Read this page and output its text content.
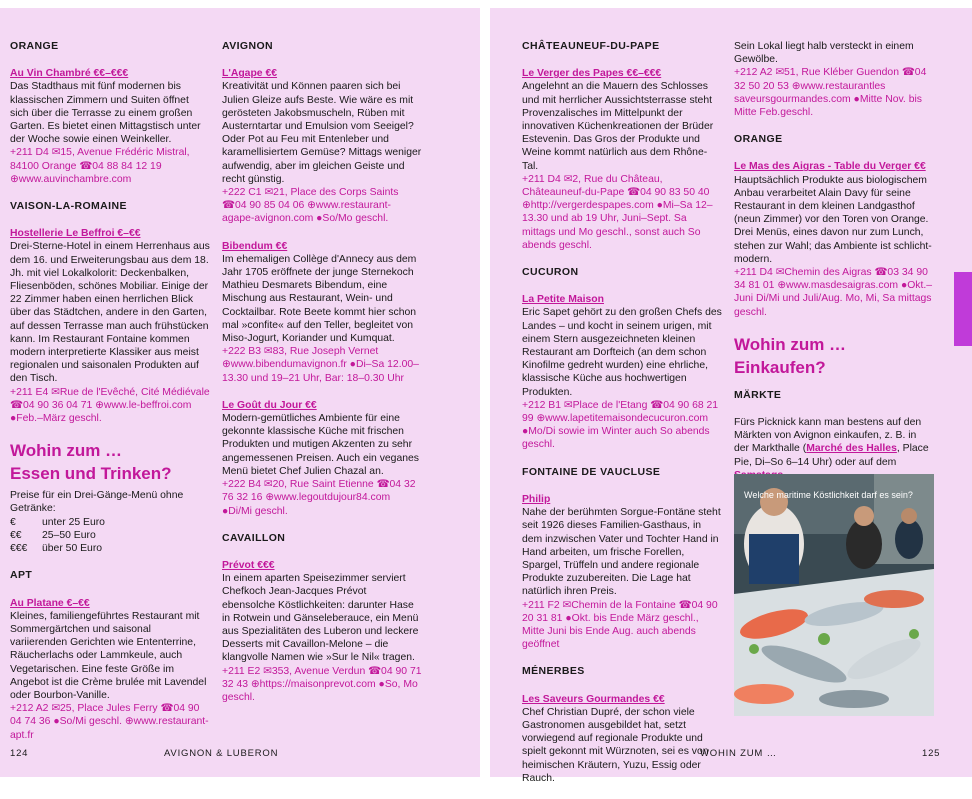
ORANGE
Au Vin Chambré €€–€€€

Das Stadthaus mit fünf modernen bis klassischen Zimmern und Suiten öffnet sich über die Terrasse zu einem großen Garten. Es bietet einen Mittagstisch unter der Woche sowie einen Weinkeller.

+211 D4 ✉15, Avenue Frédéric Mistral, 84100 Orange ☎04 88 84 12 19 ⊕www.auvinchambre.com

VAISON-LA-ROMAINE
Hostellerie Le Beffroi €–€€

Drei-Sterne-Hotel in einem Herrenhaus aus dem 16. und Erweiterungsbau aus dem 18. Jh. mit viel Lokalkolorit: Deckenbalken, Fliesenböden, schönes Mobiliar. Einige der 22 Zimmer haben einen herrlichen Blick über das Städtchen, andere in den Garten, auf dessen Terrasse man auch frühstücken kann. Im Restaurant Fontaine kommen modern interpretierte Klassiker aus meist regionalen und saisonalen Produkten auf den Tisch.

+211 E4 ✉Rue de l'Evêché, Cité Médiévale ☎04 90 36 04 71 ⊕www.le-beffroi.com ●Feb.–März geschl.

Wohin zum …
Essen und Trinken?

Preise für ein Drei-Gänge-Menü ohne Getränke:

€	unter 25 Euro
€€	25–50 Euro
€€€	über 50 Euro
APT
Au Platane €–€€

Kleines, familiengeführtes Restaurant mit Sommergärtchen und saisonal variierenden Gerichten wie Ententerrine, Räucherlachs oder Lammkeule, auch Vegetarischen. Eine feste Größe im Angebot ist die Crème brulée mit Lavendel oder Bourbon-Vanille.

+212 A2 ✉25, Place Jules Ferry ☎04 90 04 74 36 ●So/Mi geschl. ⊕www.restaurant-apt.fr

AVIGNON
L'Agape €€

Kreativität und Können paaren sich bei Julien Gleize aufs Beste. Wie wäre es mit gerösteten Jakobsmuscheln, Rüben mit Austerntartar und Emulsion vom Seeigel? Oder Pot au Feu mit Entenleber und karamellisiertem Gemüse? Mittags weniger aufwendig, aber im gleichen Geiste und recht günstig.

+222 C1 ✉21, Place des Corps Saints ☎04 90 85 04 06 ⊕www.restaurant-agape-avignon.com ●So/Mo geschl.

Bibendum €€

Im ehemaligen Collège d'Annecy aus dem Jahr 1705 eröffnete der junge Sternekoch Mathieu Desmarets Bibendum, eine Mischung aus Restaurant, Wein- und Cocktailbar. Rote Beete kommt hier schon mal »confite« auf den Teller, begleitet von Miso-Jogurt, Koriander und Kumquat.

+222 B3 ✉83, Rue Joseph Vernet ⊕www.bibendumavignon.fr ●Di–Sa 12.00–13.30 und 19–21 Uhr, Bar: 18–0.30 Uhr

Le Goût du Jour €€

Modern-gemütliches Ambiente für eine gekonnte klassische Küche mit frischen Produkten und mutigen Akzenten zu sehr angemessenen Preisen. Auch ein veganes Menü bietet Chef Julien Chazal an.

+222 B4 ✉20, Rue Saint Etienne ☎04 32 76 32 16 ⊕www.legoutdujour84.com ●Di/Mi geschl.

CAVAILLON
Prévot €€€

In einem aparten Speisezimmer serviert Chefkoch Jean-Jacques Prévot ebensolche Köstlichkeiten: darunter Hase in Rotwein und Gänseleberauce, ein Menü aus Spezialitäten des Luberon und leckere Desserts mit Cavaillon-Melone – die klangvolle Namen wie »Sur le Nil« tragen.

+211 E2 ✉353, Avenue Verdun ☎04 90 71 32 43 ⊕https://maisonprevot.com ●So, Mo geschl.

124	AVIGNON & LUBERON
CHÂTEAUNEUF-DU-PAPE
Le Verger des Papes €€–€€€

Angelehnt an die Mauern des Schlosses und mit herrlicher Aussichtsterrasse steht Provenzalisches im Mittelpunkt der innovativen Küchenkreationen der Brüder Estevenin. Das Gros der Produkte und Weine kommt natürlich aus dem Rhône-Tal.

+211 D4 ✉2, Rue du Château, Châteauneuf-du-Pape ☎04 90 83 50 40 ⊕http://vergerdespapes.com ●Mi–Sa 12–13.30 und ab 19 Uhr, Juni–Sept. Sa mittags und Mo geschl., sonst auch So abends geschl.

CUCURON
La Petite Maison

Eric Sapet gehört zu den großen Chefs des Landes – und kocht in seinem urigen, mit einem Stern ausgezeichneten kleinen Restaurant am Dorfteich (an dem schon Kinofilme gedreht wurden) eine ehrliche, klassische Küche aus hochwertigen Produkten.

+212 B1 ✉Place de l'Etang ☎04 90 68 21 99 ⊕www.lapetitemaisondecucuron.com ●Mo/Di sowie im Winter auch So abends geschl.

FONTAINE DE VAUCLUSE
Philip

Nahe der berühmten Sorgue-Fontäne steht seit 1926 dieses Familien-Gasthaus, in dem inzwischen Vater und Tochter Hand in Hand arbeiten, um frische Forellen, Spargel, Trüffeln und andere regionale Produkte zuzubereiten. Die Lage hat natürlich ihren Preis.

+211 F2 ✉Chemin de la Fontaine ☎04 90 20 31 81 ●Okt. bis Ende März geschl., Mitte Juni bis Ende Aug. auch abends geöffnet

MÉNERBES
Les Saveurs Gourmandes €€

Chef Christian Dupré, der schon viele Gastronomen ausgebildet hat, setzt vorwiegend auf regionale Produkte und spielt gekonnt mit Würznoten, sei es von heimischen Kräutern, Yuzu, Essig oder Rauch.

Sein Lokal liegt halb versteckt in einem Gewölbe.

+212 A2 ✉51, Rue Kléber Guendon ☎04 32 50 20 53 ⊕www.restaurantles saveursgourmandes.com ●Mitte Nov. bis Mitte Feb.geschl.

ORANGE
Le Mas des Aigras - Table du Verger €€

Hauptsächlich Produkte aus biologischem Anbau verarbeitet Alain Davy für seine Restaurant in dem kleinen Landgasthof (neun Zimmer) vor den Toren von Orange. Drei Menüs, eines davon nur zum Lunch, stehen zur Wahl; das Ambiente ist schlicht-modern.

+211 D4 ✉Chemin des Aigras ☎03 34 90 34 81 01 ⊕www.masdesaigras.com ●Okt.–Juni Di/Mi und Juli/Aug. Mo, Mi, Sa mittags geschl.

Wohin zum …
Einkaufen?
MÄRKTE

Fürs Picknick kann man bestens auf den Märkten von Avignon einkaufen, z. B. in der Markthalle (Marché des Halles, Place Pie, Di–So 6–14 Uhr) oder auf dem

Welche maritime Köstlichkeit darf es sein?
WOHIN ZUM …	125
